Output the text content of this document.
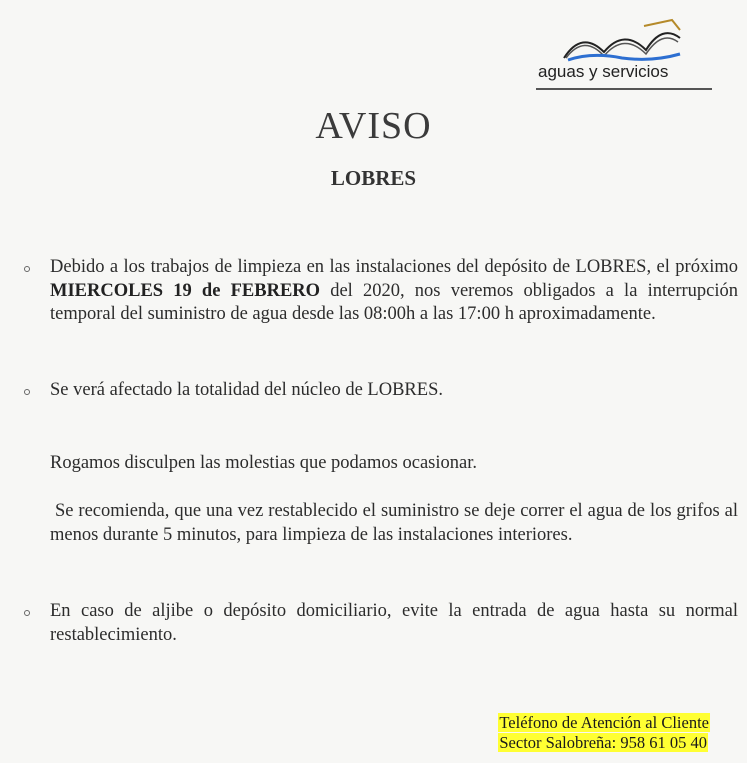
aguas y servicios
AVISO
LOBRES
Debido a los trabajos de limpieza en las instalaciones del depósito de LOBRES, el próximo MIERCOLES 19 de FEBRERO del 2020, nos veremos obligados a la interrupción temporal del suministro de agua desde las 08:00h a las 17:00 h aproximadamente.
Se verá afectado la totalidad del núcleo de LOBRES.
Rogamos disculpen las molestias que podamos ocasionar.
Se recomienda, que una vez restablecido el suministro se deje correr el agua de los grifos al menos durante 5 minutos, para limpieza de las instalaciones interiores.
En caso de aljibe o depósito domiciliario, evite la entrada de agua hasta su normal restablecimiento.
Teléfono de Atención al Cliente
Sector Salobreña: 958 61 05 40
